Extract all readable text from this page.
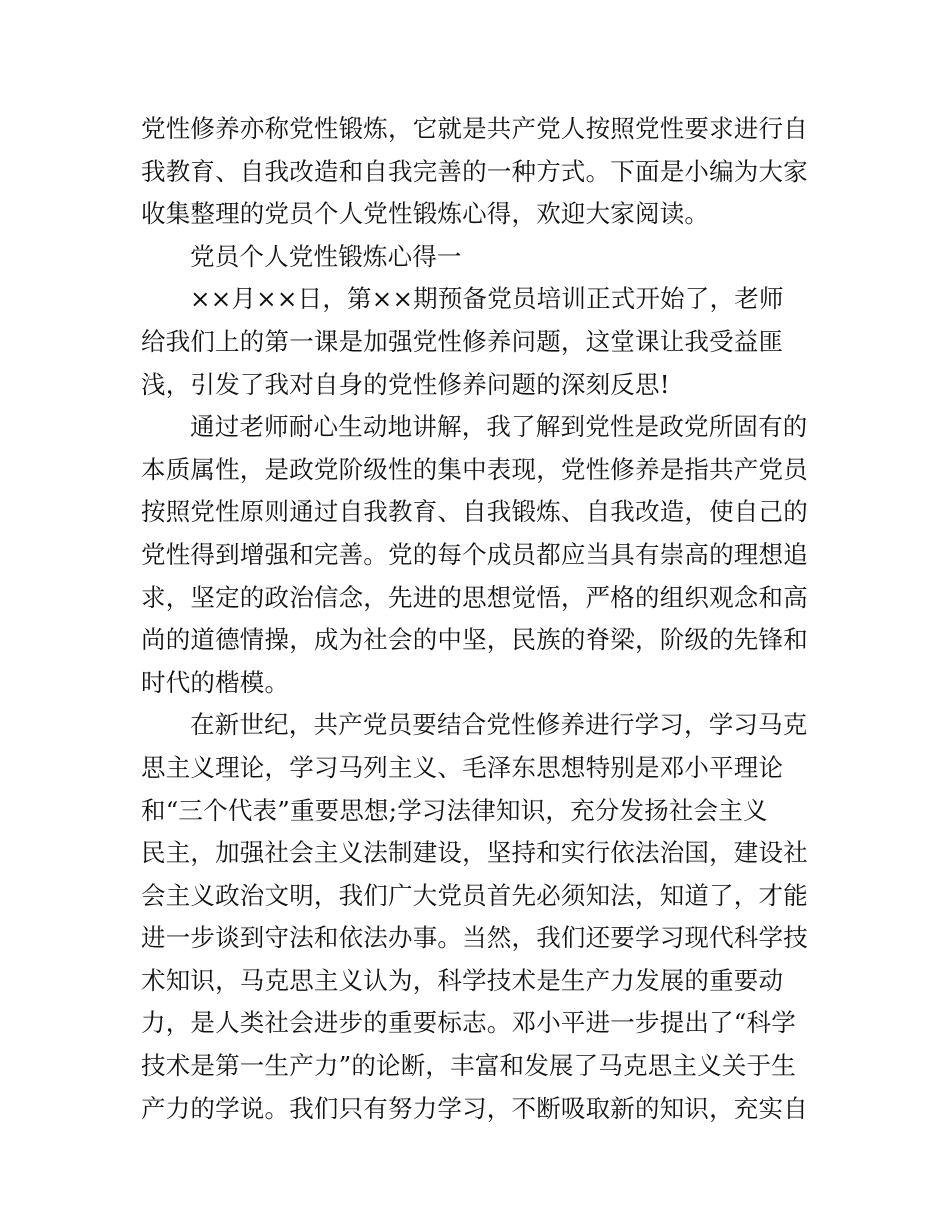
党性修养亦称党性锻炼，它就是共产党人按照党性要求进行自
我教育、自我改造和自我完善的一种方式。下面是小编为大家
收集整理的党员个人党性锻炼心得，欢迎大家阅读。
党员个人党性锻炼心得一
××月××日，第××期预备党员培训正式开始了，老师
给我们上的第一课是加强党性修养问题，这堂课让我受益匪
浅，引发了我对自身的党性修养问题的深刻反思!
通过老师耐心生动地讲解，我了解到党性是政党所固有的
本质属性，是政党阶级性的集中表现，党性修养是指共产党员
按照党性原则通过自我教育、自我锻炼、自我改造，使自己的
党性得到增强和完善。党的每个成员都应当具有崇高的理想追
求，坚定的政治信念，先进的思想觉悟，严格的组织观念和高
尚的道德情操，成为社会的中坚，民族的脊梁，阶级的先锋和
时代的楷模。
在新世纪，共产党员要结合党性修养进行学习，学习马克
思主义理论，学习马列主义、毛泽东思想特别是邓小平理论
和“三个代表”重要思想;学习法律知识，充分发扬社会主义
民主，加强社会主义法制建设，坚持和实行依法治国，建设社
会主义政治文明，我们广大党员首先必须知法，知道了，才能
进一步谈到守法和依法办事。当然，我们还要学习现代科学技
术知识，马克思主义认为，科学技术是生产力发展的重要动
力，是人类社会进步的重要标志。邓小平进一步提出了“科学
技术是第一生产力”的论断，丰富和发展了马克思主义关于生
产力的学说。我们只有努力学习，不断吸取新的知识，充实自
